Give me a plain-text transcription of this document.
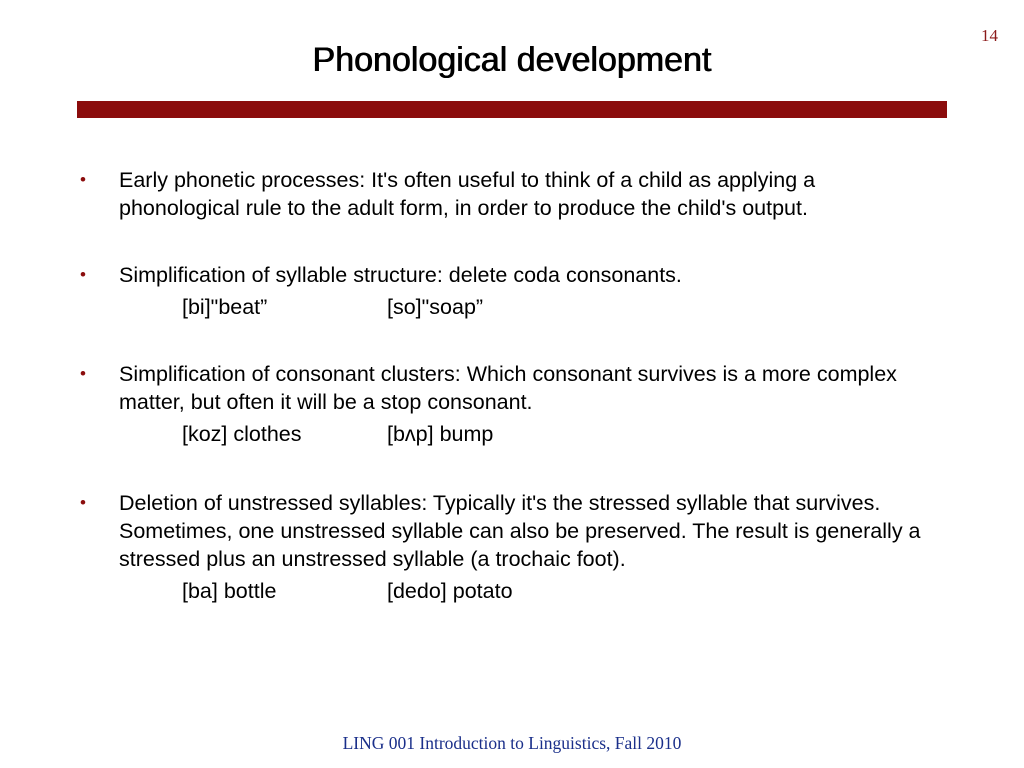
14
Phonological development
•	Early phonetic processes: It's often useful to think of a child as applying a phonological rule to the adult form, in order to produce the child's output.
•	Simplification of syllable structure: delete coda consonants.
[bi]"beat”	[so]"soap”
•	Simplification of consonant clusters: Which consonant survives is a more complex matter, but often it will be a stop consonant.
[koz] clothes	[bʌp] bump
•	Deletion of unstressed syllables: Typically it's the stressed syllable that survives. Sometimes, one unstressed syllable can also be preserved. The result is generally a stressed plus an unstressed syllable (a trochaic foot).
[ba] bottle	[dedo] potato
LING 001 Introduction to Linguistics, Fall 2010
